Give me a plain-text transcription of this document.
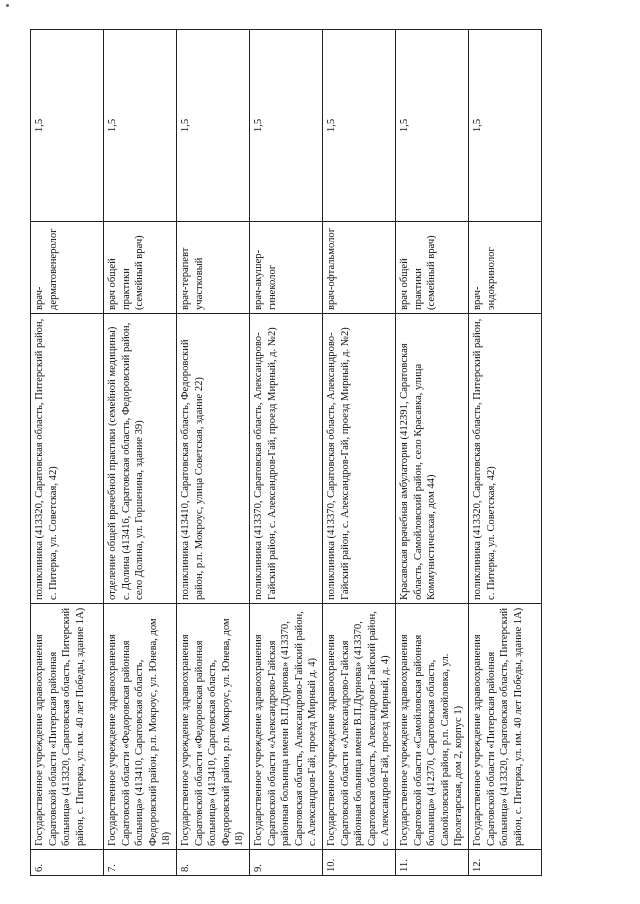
6.	Государственное учреждение здравоохранения Саратовской области «Питерская районная больница» (413320, Саратовская область, Питерский район, с. Питерка, ул. им. 40 лет Победы, здание 1А)	поликлиника (413320, Саратовская область, Питерский район, с. Питерка, ул. Советская, 42)	врач-дерматовенеролог	1,5
7.	Государственное учреждение здравоохранения Саратовской области «Федоровская районная больница» (413410, Саратовская область, Федоровский район, р.п. Мокроус, ул. Юнева, дом 18)	отделение общей врачебной практики (семейной медицины) с. Долина (413416, Саратовская область, Федоровский район, село Долина, ул. Горшенина, здание 39)	врач общей практики (семейный врач)	1,5
8.	Государственное учреждение здравоохранения Саратовской области «Федоровская районная больница» (413410, Саратовская область, Федоровский район, р.п. Мокроус, ул. Юнева, дом 18)	поликлиника (413410, Саратовская область, Федоровский район, р.п. Мокроус, улица Советская, здание 22)	врач-терапевт участковый	1,5
9.	Государственное учреждение здравоохранения Саратовской области «Александрово-Гайская районная больница имени В.П.Дурнова» (413370, Саратовская область, Александрово-Гайский район, с. Александров-Гай, проезд Мирный д. 4)	поликлиника (413370, Саратовская область, Александрово-Гайский район, с. Александров-Гай, проезд Мирный, д. №2)	врач-акушер-гинеколог	1,5
10.	Государственное учреждение здравоохранения Саратовской области «Александрово-Гайская районная больница имени В.П.Дурнова» (413370, Саратовская область, Александрово-Гайский район, с. Александров-Гай, проезд Мирный, д. 4)	поликлиника (413370, Саратовская область, Александрово-Гайский район, с. Александров-Гай, проезд Мирный, д. №2)	врач-офтальмолог	1,5
11.	Государственное учреждение здравоохранения Саратовской области «Самойловская районная больница» (412370, Саратовская область, Самойловский район, р.п. Самойловка, ул. Пролетарская, дом 2, корпус 1)	Красавская врачебная амбулатория (412391, Саратовская область, Самойловский район, село Красавка, улица Коммунистическая, дом 44)	врач общей практики (семейный врач)	1,5
12.	Государственное учреждение здравоохранения Саратовской области «Питерская районная больница» (413320, Саратовская область, Питерский район, с. Питерка, ул. им. 40 лет Победы, здание 1А)	поликлиника (413320, Саратовская область, Питерский район, с. Питерка, ул. Советская, 42)	врач-эндокринолог	1,5
